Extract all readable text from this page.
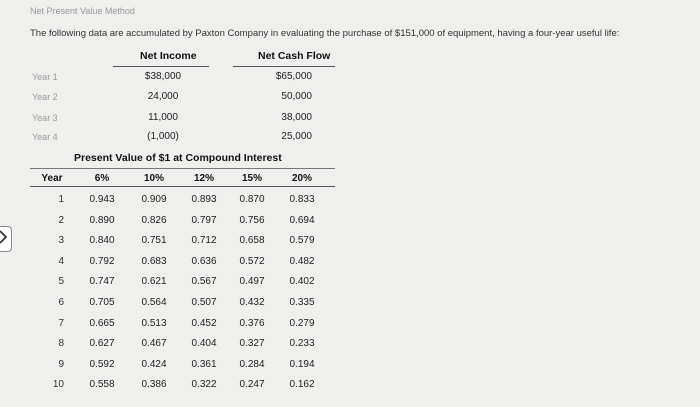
Net Present Value Method
The following data are accumulated by Paxton Company in evaluating the purchase of $151,000 of equipment, having a four-year useful life:
Net Income	Net Cash Flow
Year 1	$38,000	$65,000
Year 2	24,000	50,000
Year 3	11,000	38,000
Year 4	(1,000)	25,000
Present Value of $1 at Compound Interest
Year	6%	10%	12%	15%	20%
1	0.943	0.909	0.893	0.870	0.833
2	0.890	0.826	0.797	0.756	0.694
3	0.840	0.751	0.712	0.658	0.579
4	0.792	0.683	0.636	0.572	0.482
5	0.747	0.621	0.567	0.497	0.402
6	0.705	0.564	0.507	0.432	0.335
7	0.665	0.513	0.452	0.376	0.279
8	0.627	0.467	0.404	0.327	0.233
9	0.592	0.424	0.361	0.284	0.194
10	0.558	0.386	0.322	0.247	0.162
